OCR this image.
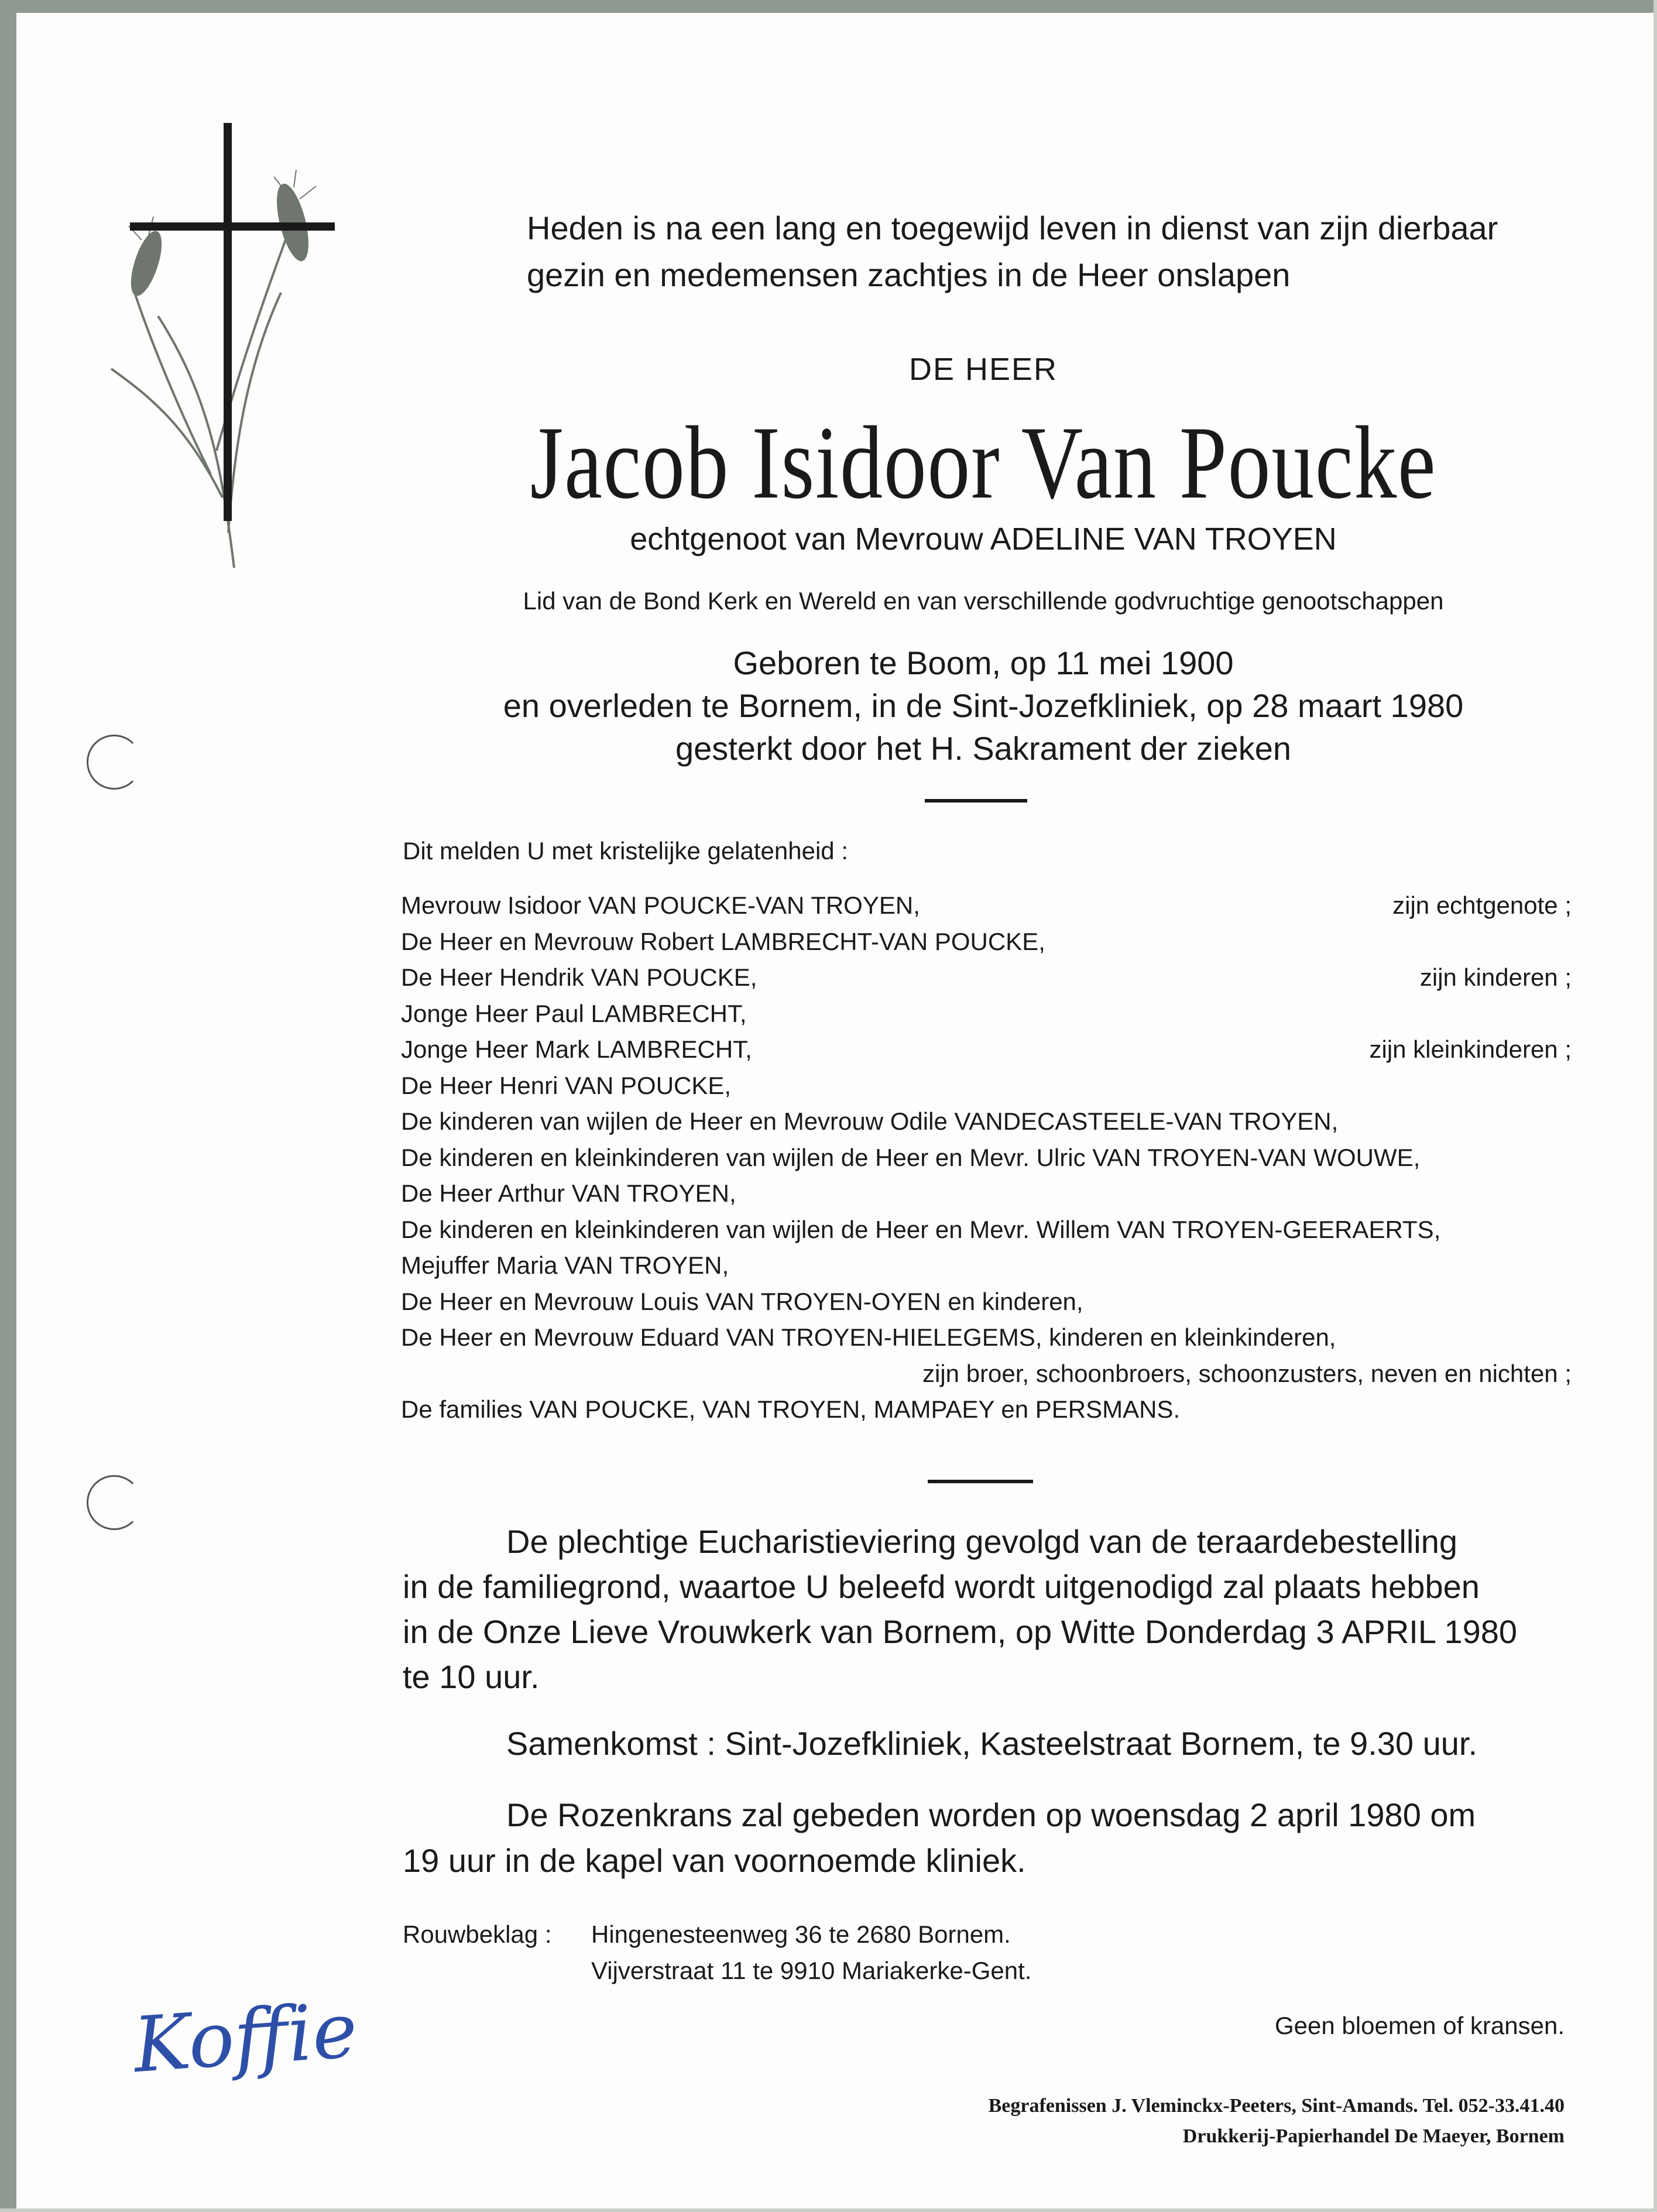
Heden is na een lang en toegewijd leven in dienst van zijn dierbaar
gezin en medemensen zachtjes in de Heer onslapen
DE HEER
Jacob Isidoor Van Poucke
echtgenoot van Mevrouw ADELINE VAN TROYEN
Lid van de Bond Kerk en Wereld en van verschillende godvruchtige genootschappen
Geboren te Boom, op 11 mei 1900
en overleden te Bornem, in de Sint-Jozefkliniek, op 28 maart 1980
gesterkt door het H. Sakrament der zieken
Dit melden U met kristelijke gelatenheid :
Mevrouw Isidoor VAN POUCKE-VAN TROYEN,	zijn echtgenote ;
De Heer en Mevrouw Robert LAMBRECHT-VAN POUCKE,
De Heer Hendrik VAN POUCKE,	zijn kinderen ;
Jonge Heer Paul LAMBRECHT,
Jonge Heer Mark LAMBRECHT,	zijn kleinkinderen ;
De Heer Henri VAN POUCKE,
De kinderen van wijlen de Heer en Mevrouw Odile VANDECASTEELE-VAN TROYEN,
De kinderen en kleinkinderen van wijlen de Heer en Mevr. Ulric VAN TROYEN-VAN WOUWE,
De Heer Arthur VAN TROYEN,
De kinderen en kleinkinderen van wijlen de Heer en Mevr. Willem VAN TROYEN-GEERAERTS,
Mejuffer Maria VAN TROYEN,
De Heer en Mevrouw Louis VAN TROYEN-OYEN en kinderen,
De Heer en Mevrouw Eduard VAN TROYEN-HIELEGEMS, kinderen en kleinkinderen,
zijn broer, schoonbroers, schoonzusters, neven en nichten ;
De families VAN POUCKE, VAN TROYEN, MAMPAEY en PERSMANS.
De plechtige Eucharistieviering gevolgd van de teraardebestelling
in de familiegrond, waartoe U beleefd wordt uitgenodigd zal plaats hebben
in de Onze Lieve Vrouwkerk van Bornem, op Witte Donderdag 3 APRIL 1980
te 10 uur.
Samenkomst : Sint-Jozefkliniek, Kasteelstraat Bornem, te 9.30 uur.
De Rozenkrans zal gebeden worden op woensdag 2 april 1980 om
19 uur in de kapel van voornoemde kliniek.
Rouwbeklag : Hingenesteenweg 36 te 2680 Bornem.
Vijverstraat 11 te 9910 Mariakerke-Gent.
Geen bloemen of kransen.
Begrafenissen J. Vleminckx-Peeters, Sint-Amands. Tel. 052-33.41.40
Drukkerij-Papierhandel De Maeyer, Bornem
Koffie
